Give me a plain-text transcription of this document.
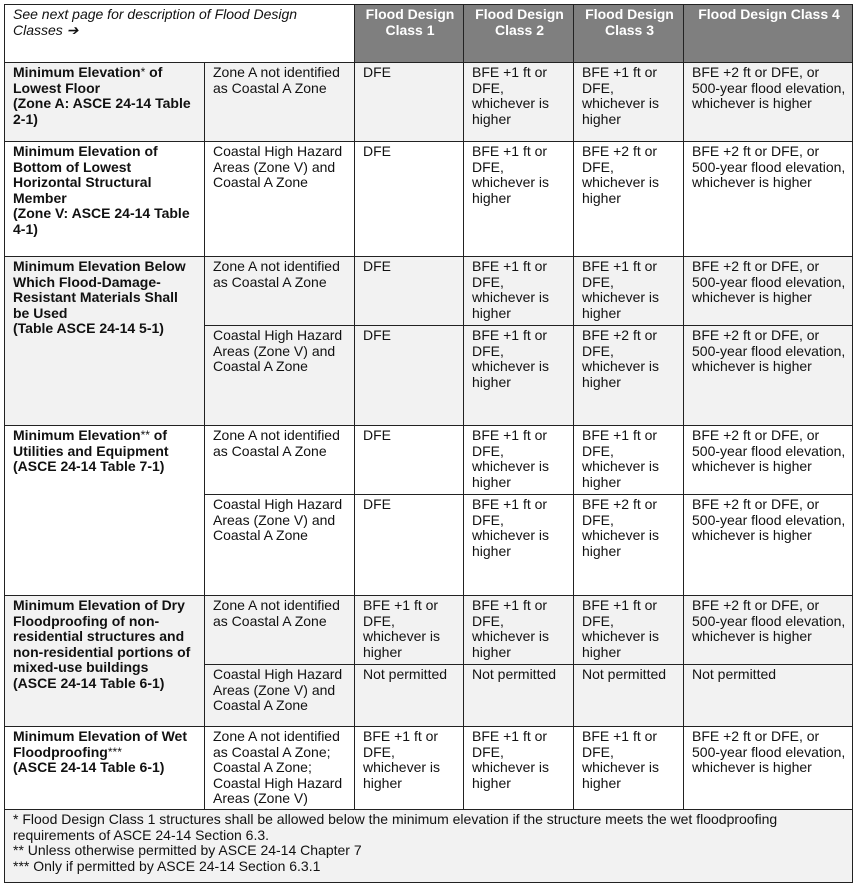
See next page for description of Flood Design Classes ➔		Flood Design Class 1	Flood Design Class 2	Flood Design Class 3	Flood Design Class 4
Minimum Elevation* of Lowest Floor
(Zone A: ASCE 24-14 Table 2-1)	Zone A not identified as Coastal A Zone	DFE	BFE +1 ft or DFE, whichever is higher	BFE +1 ft or DFE, whichever is higher	BFE +2 ft or DFE, or 500-year flood elevation, whichever is higher
Minimum Elevation of Bottom of Lowest Horizontal Structural Member
(Zone V: ASCE 24-14 Table 4-1)	Coastal High Hazard Areas (Zone V) and Coastal A Zone	DFE	BFE +1 ft or DFE, whichever is higher	BFE +2 ft or DFE, whichever is higher	BFE +2 ft or DFE, or 500-year flood elevation, whichever is higher
Minimum Elevation Below Which Flood-Damage-Resistant Materials Shall be Used
(Table ASCE 24-14 5-1)	Zone A not identified as Coastal A Zone	DFE	BFE +1 ft or DFE, whichever is higher	BFE +1 ft or DFE, whichever is higher	BFE +2 ft or DFE, or 500-year flood elevation, whichever is higher
	Coastal High Hazard Areas (Zone V) and Coastal A Zone	DFE	BFE +1 ft or DFE, whichever is higher	BFE +2 ft or DFE, whichever is higher	BFE +2 ft or DFE, or 500-year flood elevation, whichever is higher
Minimum Elevation** of Utilities and Equipment
(ASCE 24-14 Table 7-1)	Zone A not identified as Coastal A Zone	DFE	BFE +1 ft or DFE, whichever is higher	BFE +1 ft or DFE, whichever is higher	BFE +2 ft or DFE, or 500-year flood elevation, whichever is higher
	Coastal High Hazard Areas (Zone V) and Coastal A Zone	DFE	BFE +1 ft or DFE, whichever is higher	BFE +2 ft or DFE, whichever is higher	BFE +2 ft or DFE, or 500-year flood elevation, whichever is higher
Minimum Elevation of Dry Floodproofing of non-residential structures and non-residential portions of mixed-use buildings
(ASCE 24-14 Table 6-1)	Zone A not identified as Coastal A Zone	BFE +1 ft or DFE, whichever is higher	BFE +1 ft or DFE, whichever is higher	BFE +1 ft or DFE, whichever is higher	BFE +2 ft or DFE, or 500-year flood elevation, whichever is higher
	Coastal High Hazard Areas (Zone V) and Coastal A Zone	Not permitted	Not permitted	Not permitted	Not permitted
Minimum Elevation of Wet Floodproofing***
(ASCE 24-14 Table 6-1)	Zone A not identified as Coastal A Zone; Coastal A Zone; Coastal High Hazard Areas (Zone V)	BFE +1 ft or DFE, whichever is higher	BFE +1 ft or DFE, whichever is higher	BFE +1 ft or DFE, whichever is higher	BFE +2 ft or DFE, or 500-year flood elevation, whichever is higher

* Flood Design Class 1 structures shall be allowed below the minimum elevation if the structure meets the wet floodproofing requirements of ASCE 24-14 Section 6.3.
** Unless otherwise permitted by ASCE 24-14 Chapter 7
*** Only if permitted by ASCE 24-14 Section 6.3.1					
